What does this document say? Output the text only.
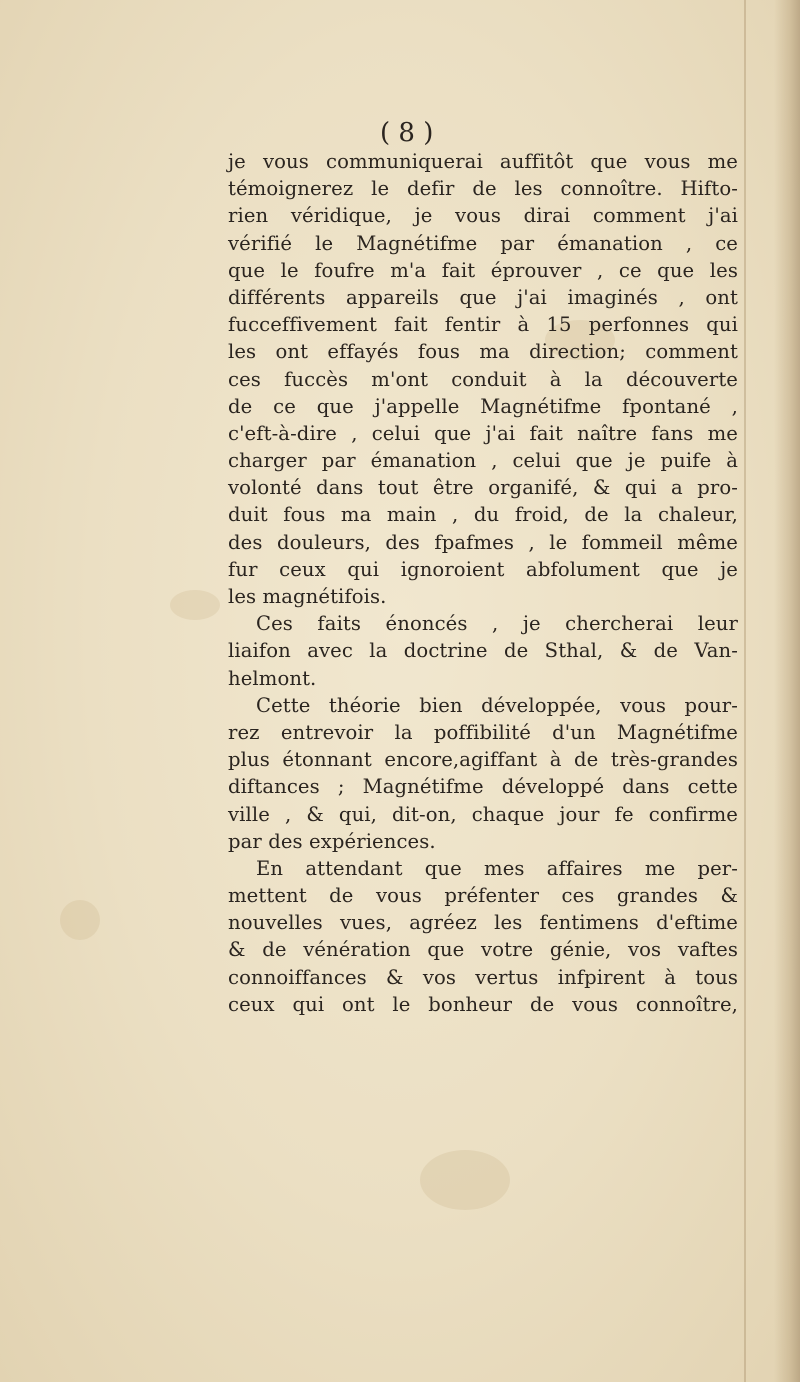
( 8 )
je vous communiquerai auffitôt que vous me
témoignerez le defir de les connoître. Hifto-
rien véridique, je vous dirai comment j'ai
vérifié le Magnétifme par émanation , ce
que le foufre m'a fait éprouver , ce que les
différents appareils que j'ai imaginés , ont
fucceffivement fait fentir à 15 perfonnes qui
les ont effayés fous ma direction; comment
ces fuccès m'ont conduit à la découverte
de ce que j'appelle Magnétifme fpontané ,
c'eft-à-dire , celui que j'ai fait naître fans me
charger par émanation , celui que je puife à
volonté dans tout être organifé, & qui a pro-
duit fous ma main , du froid, de la chaleur,
des douleurs, des fpafmes , le fommeil même
fur ceux qui ignoroient abfolument que je
les magnétifois.
Ces faits énoncés , je chercherai leur
liaifon avec la doctrine de Sthal, & de Van-
helmont.
Cette théorie bien développée, vous pour-
rez entrevoir la poffibilité d'un Magnétifme
plus étonnant encore,agiffant à de très-grandes
diftances ; Magnétifme développé dans cette
ville , & qui, dit-on, chaque jour fe confirme
par des expériences.
En attendant que mes affaires me per-
mettent de vous préfenter ces grandes &
nouvelles vues, agréez les fentimens d'eftime
& de vénération que votre génie, vos vaftes
connoiffances & vos vertus infpirent à tous
ceux qui ont le bonheur de vous connoître,
